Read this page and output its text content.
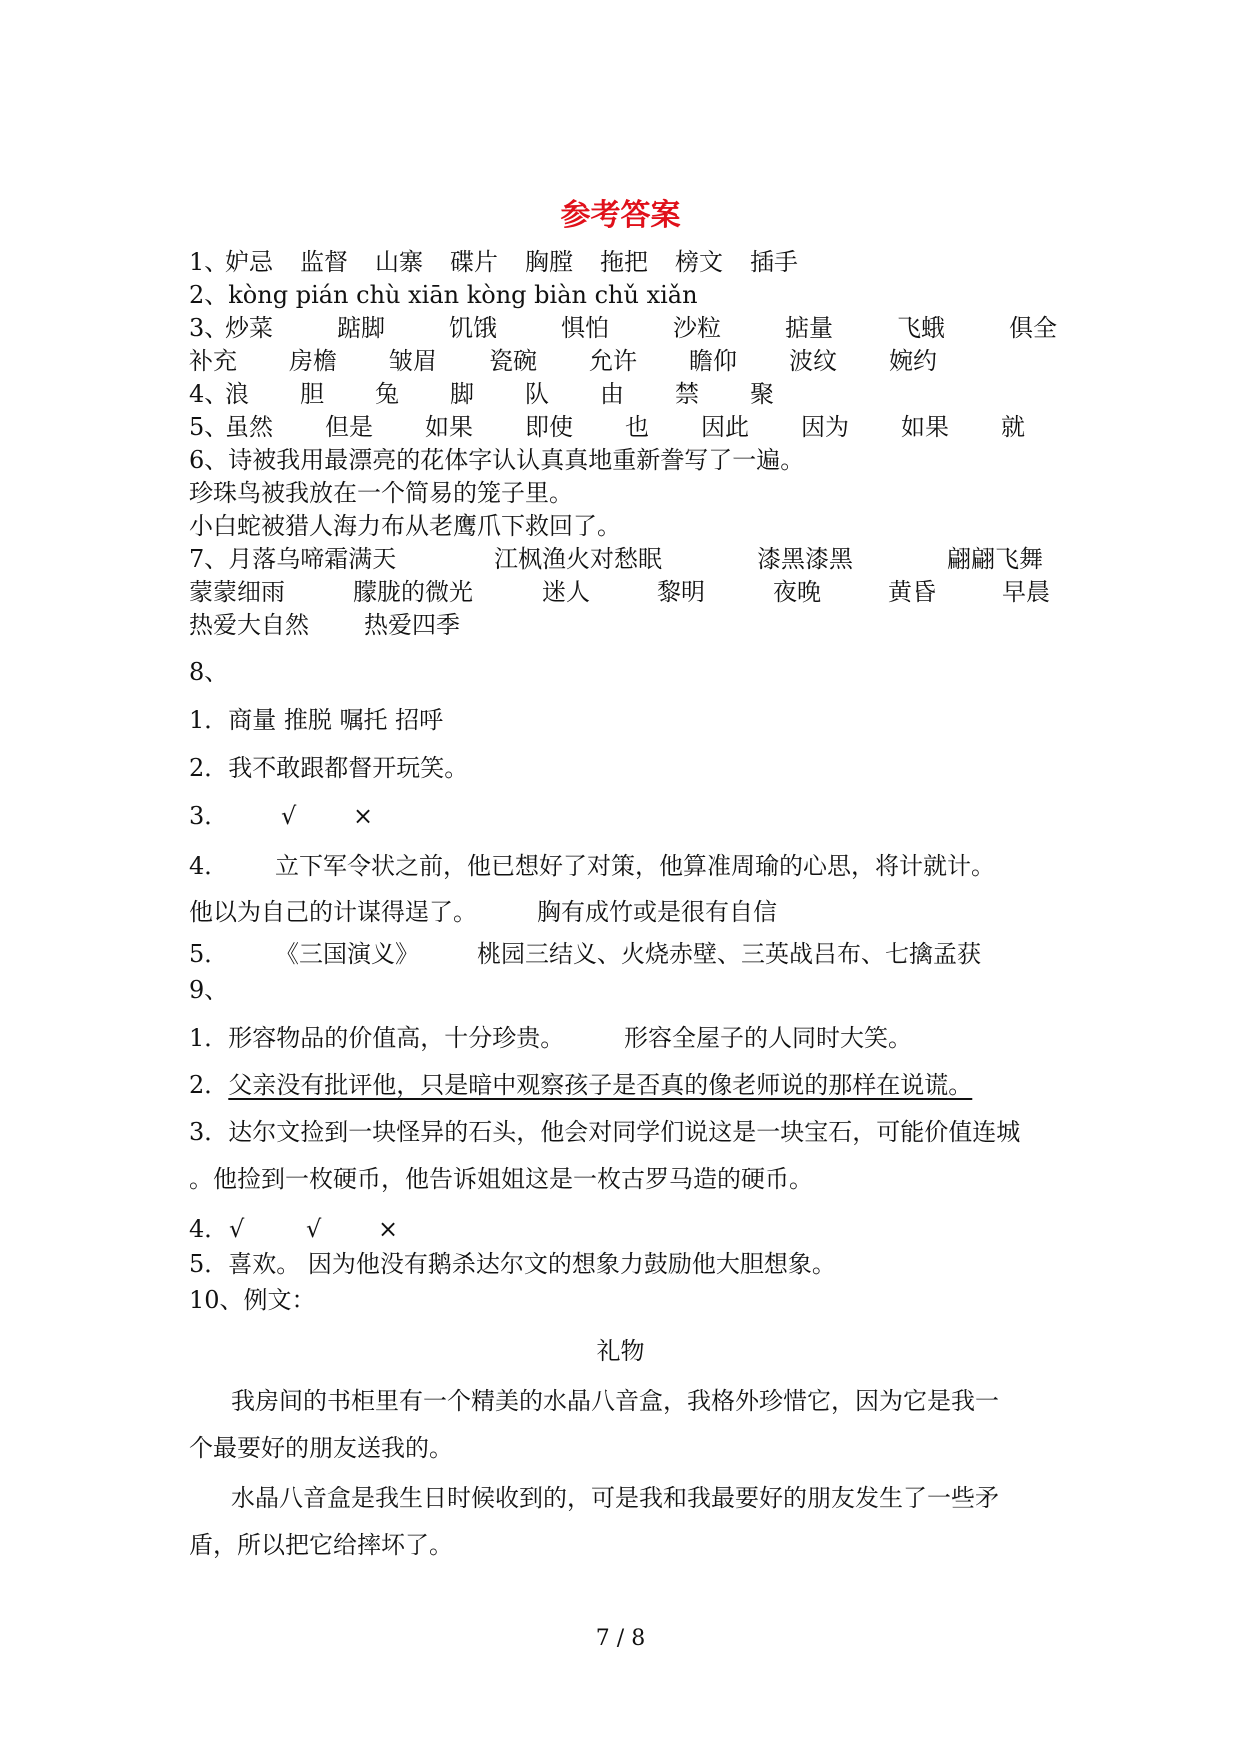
参考答案
1、
妒忌 监督 山寨 碟片 胸膛 拖把 榜文 插手
2、kòng pián chù xiān kòng biàn chǔ xiǎn
3、
炒菜	踮脚	饥饿	惧怕	沙粒	掂量	飞蛾	俱全
补充 房檐 皱眉 瓷碗 允许 瞻仰 波纹 婉约
4、
浪 胆 兔 脚 队 由 禁 聚
5、
虽然 但是 如果 即使 也 因此 因为 如果 就
6、诗被我用最漂亮的花体字认认真真地重新誊写了一遍。
珍珠鸟被我放在一个简易的笼子里。
小白蛇被猎人海力布从老鹰爪下救回了。
7、月落乌啼霜满天	江枫渔火对愁眠	漆黑漆黑	翩翩飞舞
蒙蒙细雨	朦胧的微光	迷人	黎明	夜晚	黄昏	早晨
热爱大自然 热爱四季
8、
1．商量 推脱 嘱托 招呼
2．我不敢跟都督开玩笑。
3． √ ×
4． 立下军令状之前，他已想好了对策，他算准周瑜的心思，将计就计。
他以为自己的计谋得逞了。	胸有成竹或是很有自信
5． 《三国演义》 桃园三结义、火烧赤壁、三英战吕布、七擒孟获
9、
1．形容物品的价值高，十分珍贵。 形容全屋子的人同时大笑。
2．父亲没有批评他，只是暗中观察孩子是否真的像老师说的那样在说谎。
3．达尔文捡到一块怪异的石头，他会对同学们说这是一块宝石，可能价值连城
。他捡到一枚硬币，他告诉姐姐这是一枚古罗马造的硬币。
4． √	√ ×
5．喜欢。 因为他没有鹅杀达尔文的想象力鼓励他大胆想象。
10、例文：
礼物
我房间的书柜里有一个精美的水晶八音盒，我格外珍惜它，因为它是我一
个最要好的朋友送我的。
水晶八音盒是我生日时候收到的，可是我和我最要好的朋友发生了一些矛
盾，所以把它给摔坏了。
7 / 8
